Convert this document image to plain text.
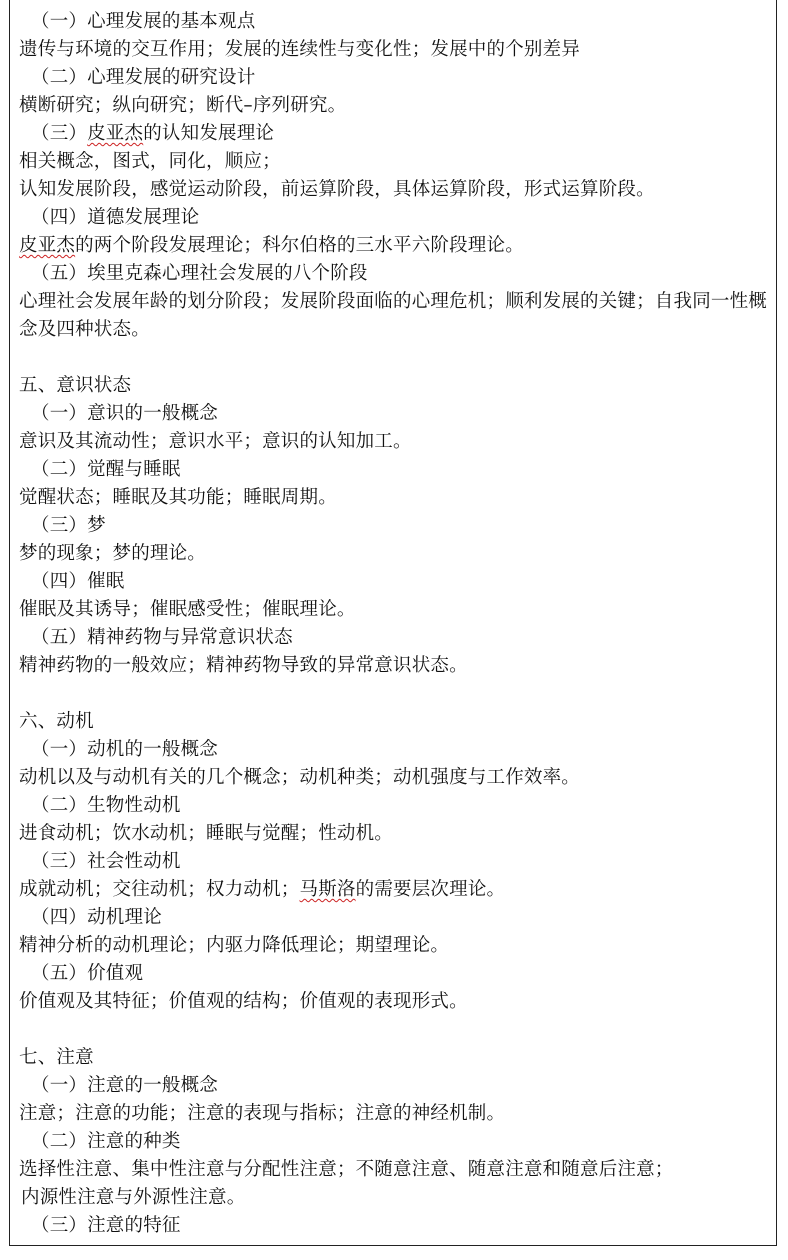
（一）心理发展的基本观点
遗传与环境的交互作用；发展的连续性与变化性；发展中的个别差异
（二）心理发展的研究设计
横断研究；纵向研究；断代–序列研究。
（三）皮亚杰的认知发展理论
相关概念，图式，同化，顺应；
认知发展阶段，感觉运动阶段，前运算阶段，具体运算阶段，形式运算阶段。
（四）道德发展理论
皮亚杰的两个阶段发展理论；科尔伯格的三水平六阶段理论。
（五）埃里克森心理社会发展的八个阶段
心理社会发展年龄的划分阶段；发展阶段面临的心理危机；顺利发展的关键；自我同一性概念及四种状态。
五、意识状态
（一）意识的一般概念
意识及其流动性；意识水平；意识的认知加工。
（二）觉醒与睡眠
觉醒状态；睡眠及其功能；睡眠周期。
（三）梦
梦的现象；梦的理论。
（四）催眠
催眠及其诱导；催眠感受性；催眠理论。
（五）精神药物与异常意识状态
精神药物的一般效应；精神药物导致的异常意识状态。
六、动机
（一）动机的一般概念
动机以及与动机有关的几个概念；动机种类；动机强度与工作效率。
（二）生物性动机
进食动机；饮水动机；睡眠与觉醒；性动机。
（三）社会性动机
成就动机；交往动机；权力动机；马斯洛的需要层次理论。
（四）动机理论
精神分析的动机理论；内驱力降低理论；期望理论。
（五）价值观
价值观及其特征；价值观的结构；价值观的表现形式。
七、注意
（一）注意的一般概念
注意；注意的功能；注意的表现与指标；注意的神经机制。
（二）注意的种类
选择性注意、集中性注意与分配性注意；不随意注意、随意注意和随意后注意；
内源性注意与外源性注意。
（三）注意的特征
